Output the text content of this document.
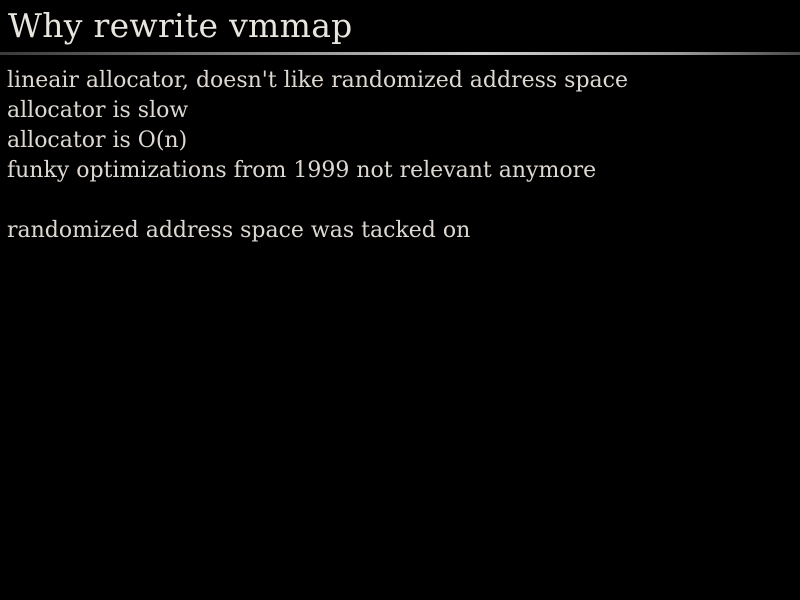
Why rewrite vmmap
lineair allocator, doesn't like randomized address space
allocator is slow
allocator is O(n)
funky optimizations from 1999 not relevant anymore
randomized address space was tacked on
